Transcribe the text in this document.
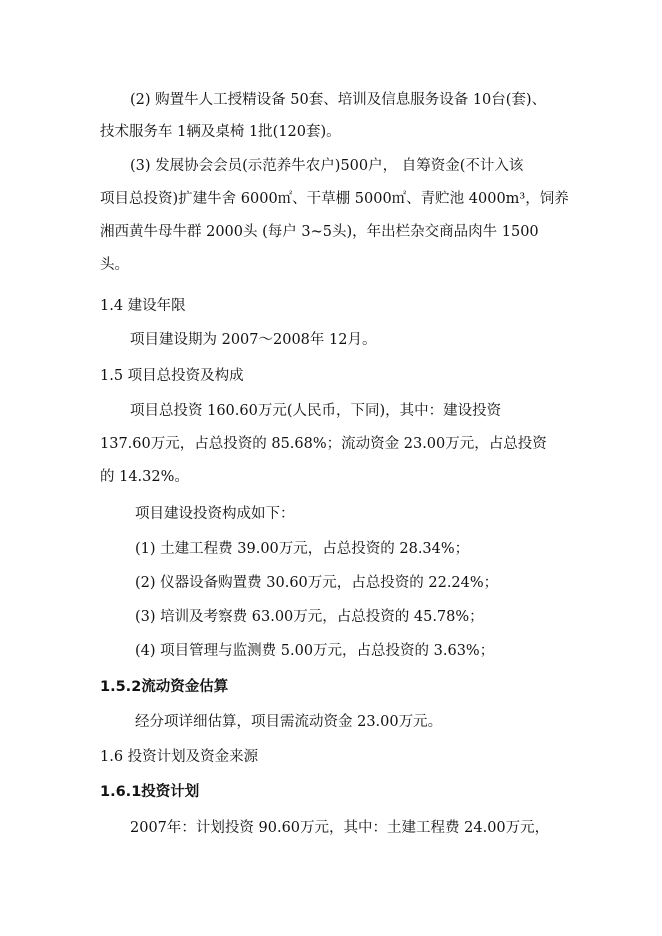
(2) 购置牛人工授精设备 50套、培训及信息服务设备 10台(套)、
技术服务车 1辆及桌椅 1批(120套)。
(3) 发展协会会员(示范养牛农户)500户， 自筹资金(不计入该
项目总投资)扩建牛舍 6000㎡、干草棚 5000㎡、青贮池 4000m³，饲养
湘西黄牛母牛群 2000头 (每户 3~5头)，年出栏杂交商品肉牛 1500
头。
1.4 建设年限
项目建设期为 2007～2008年 12月。
1.5 项目总投资及构成
项目总投资 160.60万元(人民币，下同)，其中：建设投资
137.60万元，占总投资的 85.68%；流动资金 23.00万元，占总投资
的 14.32%。
项目建设投资构成如下：
(1) 土建工程费 39.00万元，占总投资的 28.34%；
(2) 仪器设备购置费 30.60万元，占总投资的 22.24%；
(3) 培训及考察费 63.00万元，占总投资的 45.78%；
(4) 项目管理与监测费 5.00万元，占总投资的 3.63%；
1.5.2流动资金估算
经分项详细估算，项目需流动资金 23.00万元。
1.6 投资计划及资金来源
1.6.1投资计划
2007年：计划投资 90.60万元，其中：土建工程费 24.00万元，
